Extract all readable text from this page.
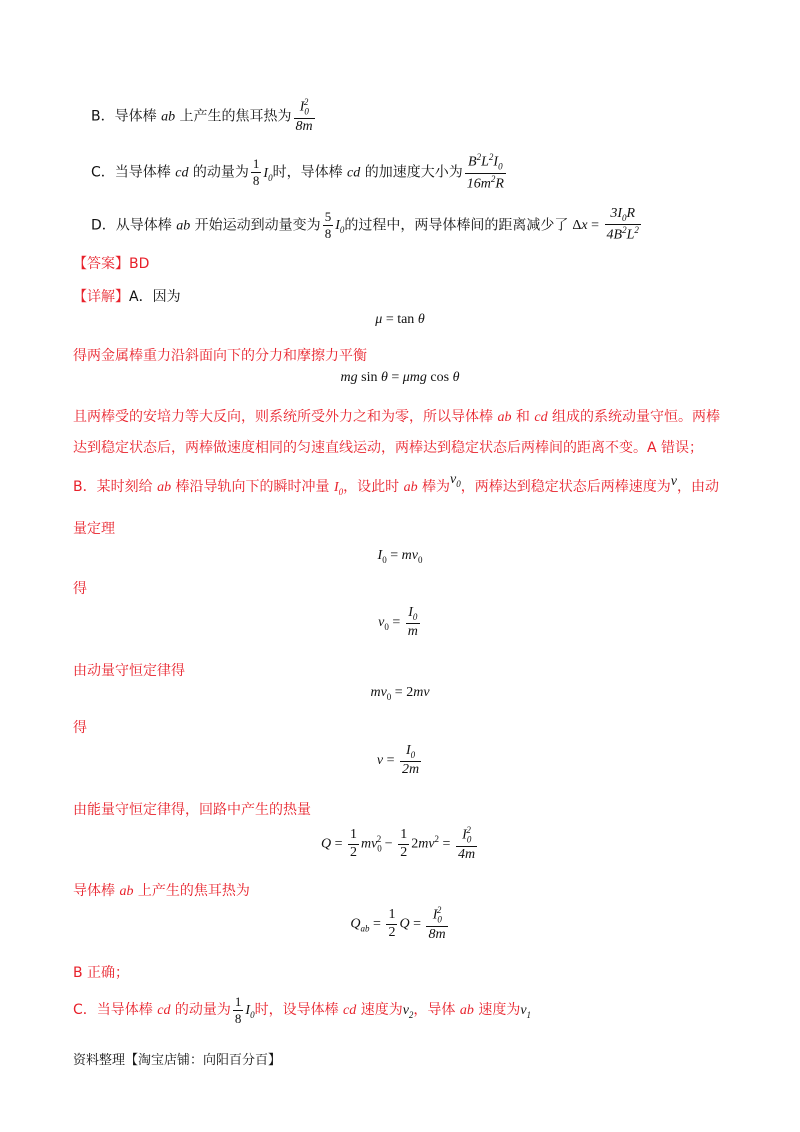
B．导体棒 ab 上产生的焦耳热为 $\frac{I_0^2}{8m}$
C．当导体棒 cd 的动量为 $\frac{1}{8} I_0$时，导体棒 cd 的加速度大小为 $\frac{B^2L^2I_0}{16m^2R}$
D．从导体棒 ab 开始运动到动量变为 $\frac{5}{8} I_0$的过程中，两导体棒间的距离减少了 $\Delta x = \frac{3I_0R}{4B^2L^2}$
【答案】BD
【详解】A．因为
μ = tan θ
得两金属棒重力沿斜面向下的分力和摩擦力平衡
mg sin θ = μmg cos θ
且两棒受的安培力等大反向，则系统所受外力之和为零，所以导体棒 ab 和 cd 组成的系统动量守恒。两棒
达到稳定状态后，两棒做速度相同的匀速直线运动，两棒达到稳定状态后两棒间的距离不变。A 错误；
B．某时刻给 ab 棒沿导轨向下的瞬时冲量 $I_0$，设此时 ab 棒为$v_0$，两棒达到稳定状态后两棒速度为v，由动
量定理
$I_0 = mv_0$
得
$v_0 = \frac{I_0}{m}$
由动量守恒定律得
$mv_0 = 2mv$
得
$v = \frac{I_0}{2m}$
由能量守恒定律得，回路中产生的热量
$Q = \frac{1}{2} mv_0^2 - \frac{1}{2} 2mv^2 = \frac{I_0^2}{4m}$
导体棒 ab 上产生的焦耳热为
$Q_{ab} = \frac{1}{2}$ $Q = \frac{I_0^2}{8m}$
B 正确；
C．当导体棒 cd 的动量为 $\frac{1}{8} I_0$时，设导体棒 cd 速度为$v_2$，导体 ab 速度为$v_1$
资料整理【淘宝店铺：向阳百分百】
